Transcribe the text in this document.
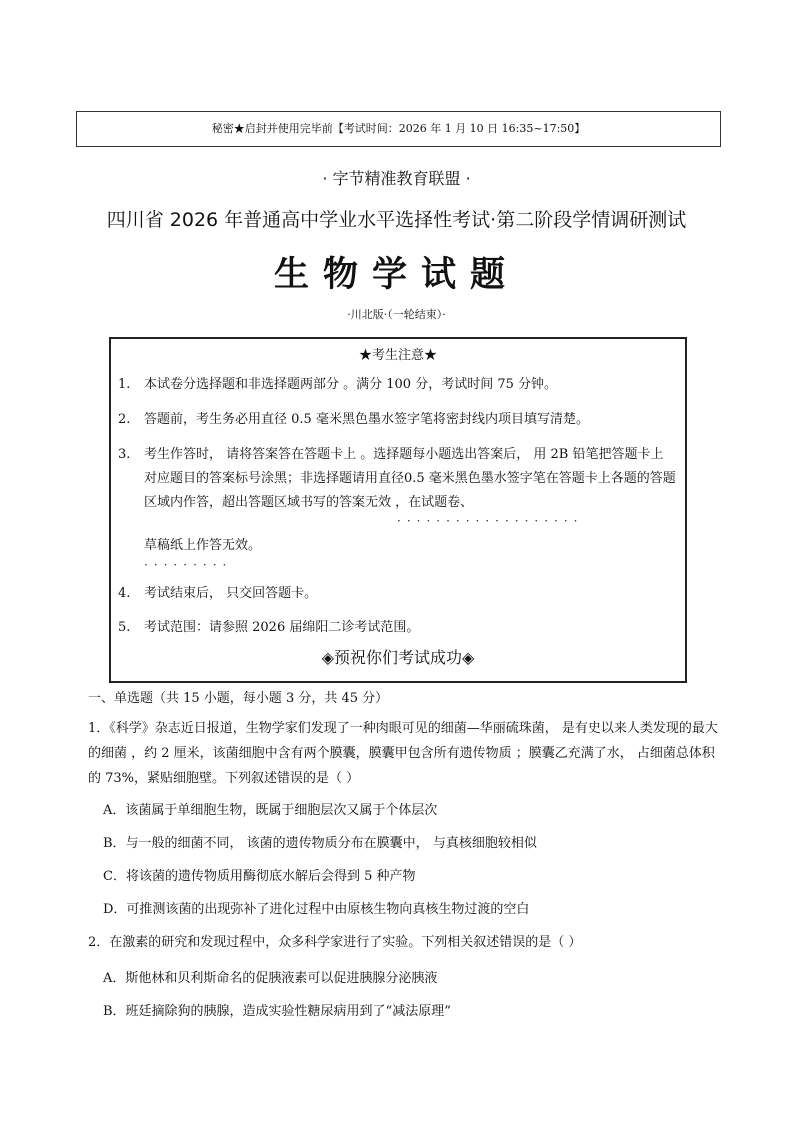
秘密★启封并使用完毕前【考试时间：2026 年 1 月 10 日 16:35~17:50】
· 字节精准教育联盟 ·
四川省 2026 年普通高中学业水平选择性考试·第二阶段学情调研测试
生物学试题
·川北版·（一轮结束）·
★考生注意★
1.	本试卷分选择题和非选择题两部分 。满分 100 分，考试时间 75 分钟。
2.	答题前，考生务必用直径 0.5 毫米黑色墨水签字笔将密封线内项目填写清楚。
3.	考生作答时， 请将答案答在答题卡上 。选择题每小题选出答案后， 用 2B 铅笔把答题卡上对应题目的答案标号涂黑；非选择题请用直径0.5 毫米黑色墨水签字笔在答题卡上各题的答题区域内作答，超出答题区域书写的答案无效 ，在试题卷、
···················
草稿纸上作答无效。
·········
4.	考试结束后， 只交回答题卡。
5.	考试范围：请参照 2026 届绵阳二诊考试范围。
◈预祝你们考试成功◈
一、单选题（共 15 小题，每小题 3 分，共 45 分）
1．《科学》杂志近日报道，生物学家们发现了一种肉眼可见的细菌—华丽硫珠菌， 是有史以来人类发现的最大的细菌 ，约 2 厘米，该菌细胞中含有两个膜囊，膜囊甲包含所有遗传物质 ；膜囊乙充满了水， 占细菌总体积的 73%，紧贴细胞壁。下列叙述错误的是（ ）
A．该菌属于单细胞生物，既属于细胞层次又属于个体层次
B．与一般的细菌不同， 该菌的遗传物质分布在膜囊中， 与真核细胞较相似
C．将该菌的遗传物质用酶彻底水解后会得到 5 种产物
D．可推测该菌的出现弥补了进化过程中由原核生物向真核生物过渡的空白
2．在激素的研究和发现过程中，众多科学家进行了实验。下列相关叙述错误的是（ ）
A．斯他林和贝利斯命名的促胰液素可以促进胰腺分泌胰液
B．班廷摘除狗的胰腺，造成实验性糖尿病用到了“减法原理”
